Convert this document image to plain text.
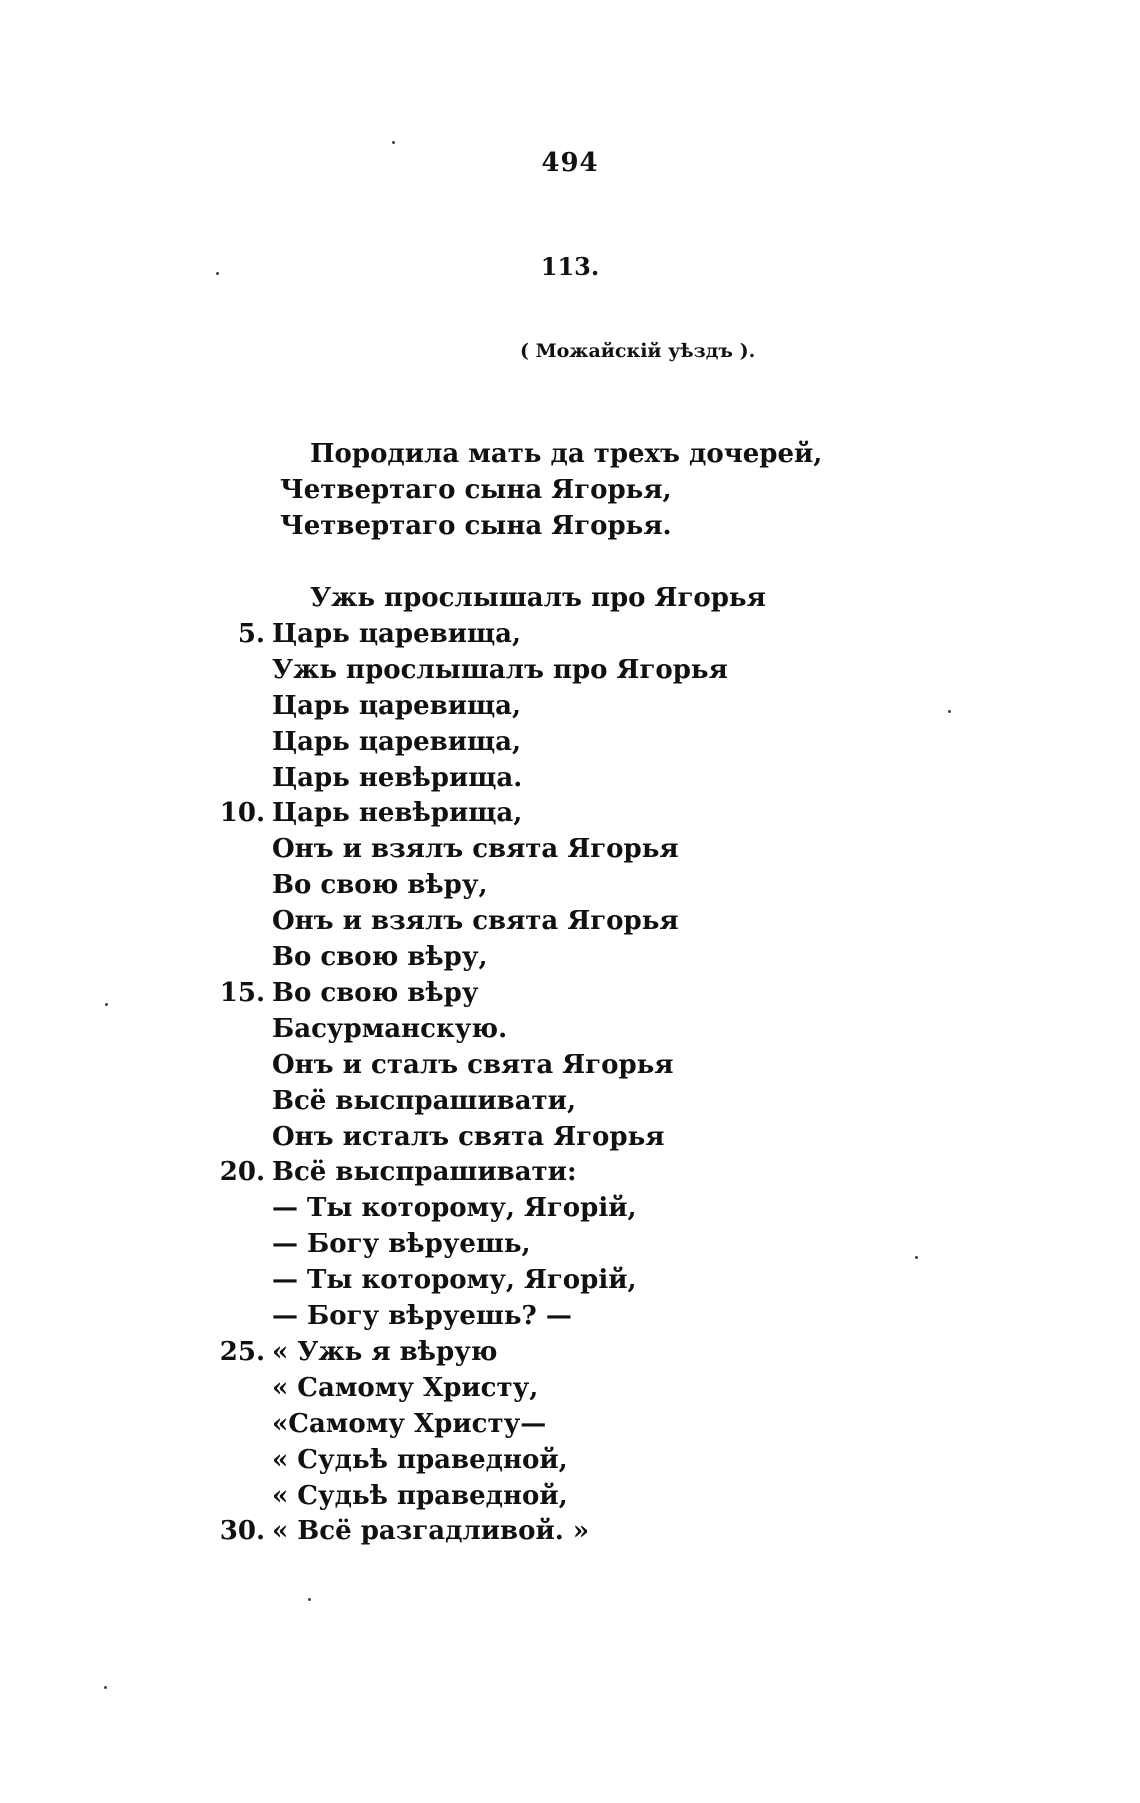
494
113.
( Можайскій уѣздъ ).
Породила мать да трехъ дочерей,
Четвертаго сына Ягорья,
Четвертаго сына Ягорья.
Ужь прослышалъ про Ягорья
5. Царь царевища,
Ужь прослышалъ про Ягорья
Царь царевища,
Царь царевища,
Царь невѣрища.
10. Царь невѣрища,
Онъ и взялъ свята Ягорья
Во свою вѣру,
Онъ и взялъ свята Ягорья
Во свою вѣру,
15. Во свою вѣру
Басурманскую.
Онъ и сталъ свята Ягорья
Всё выспрашивати,
Онъ исталъ свята Ягорья
20. Всё выспрашивати:
— Ты которому, Ягорій,
— Богу вѣруешь,
— Ты которому, Ягорій,
— Богу вѣруешь? —
25. « Ужь я вѣрую
« Самому Христу,
«Самому Христу—
« Судьѣ праведной,
« Судьѣ праведной,
30. « Всё разгадливой. »
